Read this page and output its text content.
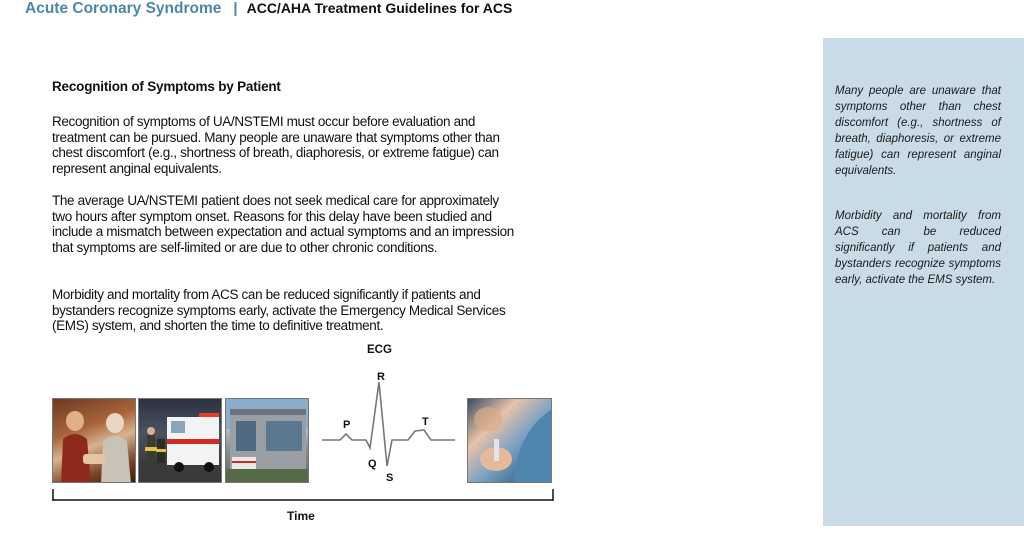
Acute Coronary Syndrome | ACC/AHA Treatment Guidelines for ACS
Recognition of Symptoms by Patient

Recognition of symptoms of UA/NSTEMI must occur before evaluation and treatment can be pursued. Many people are unaware that symptoms other than chest discomfort (e.g., shortness of breath, diaphoresis, or extreme fatigue) can represent anginal equivalents.

The average UA/NSTEMI patient does not seek medical care for approximately two hours after symptom onset. Reasons for this delay have been studied and include a mismatch between expectation and actual symptoms and an impression that symptoms are self-limited or are due to other chronic conditions.

Morbidity and mortality from ACS can be reduced significantly if patients and bystanders recognize symptoms early, activate the Emergency Medical Services (EMS) system, and shorten the time to definitive treatment.

Many people are unaware that symptoms other than chest discomfort (e.g., shortness of breath, diaphoresis, or extreme fatigue) can represent anginal equivalents.

Morbidity and mortality from ACS can be reduced significantly if patients and bystanders recognize symptoms early, activate the EMS system.

ECG
R
P	T
Q
S
Time
